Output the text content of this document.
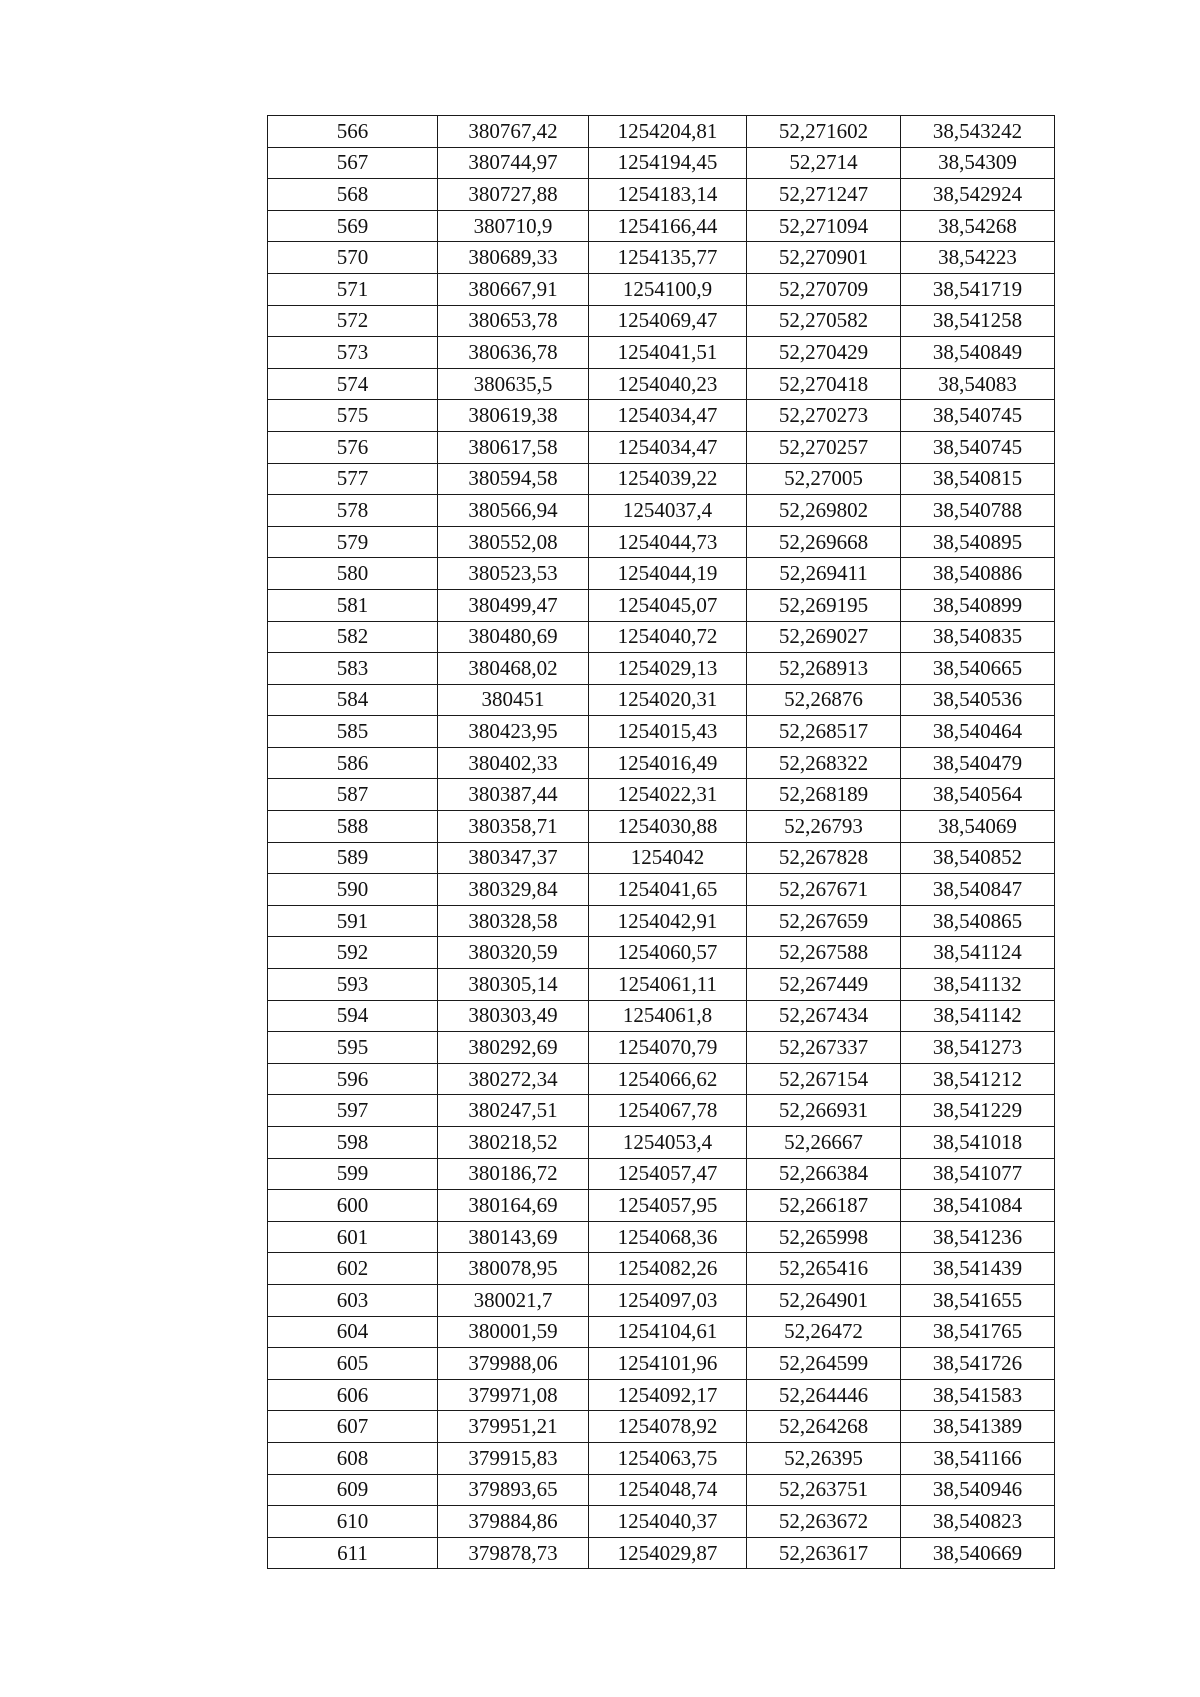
566	380767,42	1254204,81	52,271602	38,543242
567	380744,97	1254194,45	52,2714	38,54309
568	380727,88	1254183,14	52,271247	38,542924
569	380710,9	1254166,44	52,271094	38,54268
570	380689,33	1254135,77	52,270901	38,54223
571	380667,91	1254100,9	52,270709	38,541719
572	380653,78	1254069,47	52,270582	38,541258
573	380636,78	1254041,51	52,270429	38,540849
574	380635,5	1254040,23	52,270418	38,54083
575	380619,38	1254034,47	52,270273	38,540745
576	380617,58	1254034,47	52,270257	38,540745
577	380594,58	1254039,22	52,27005	38,540815
578	380566,94	1254037,4	52,269802	38,540788
579	380552,08	1254044,73	52,269668	38,540895
580	380523,53	1254044,19	52,269411	38,540886
581	380499,47	1254045,07	52,269195	38,540899
582	380480,69	1254040,72	52,269027	38,540835
583	380468,02	1254029,13	52,268913	38,540665
584	380451	1254020,31	52,26876	38,540536
585	380423,95	1254015,43	52,268517	38,540464
586	380402,33	1254016,49	52,268322	38,540479
587	380387,44	1254022,31	52,268189	38,540564
588	380358,71	1254030,88	52,26793	38,54069
589	380347,37	1254042	52,267828	38,540852
590	380329,84	1254041,65	52,267671	38,540847
591	380328,58	1254042,91	52,267659	38,540865
592	380320,59	1254060,57	52,267588	38,541124
593	380305,14	1254061,11	52,267449	38,541132
594	380303,49	1254061,8	52,267434	38,541142
595	380292,69	1254070,79	52,267337	38,541273
596	380272,34	1254066,62	52,267154	38,541212
597	380247,51	1254067,78	52,266931	38,541229
598	380218,52	1254053,4	52,26667	38,541018
599	380186,72	1254057,47	52,266384	38,541077
600	380164,69	1254057,95	52,266187	38,541084
601	380143,69	1254068,36	52,265998	38,541236
602	380078,95	1254082,26	52,265416	38,541439
603	380021,7	1254097,03	52,264901	38,541655
604	380001,59	1254104,61	52,26472	38,541765
605	379988,06	1254101,96	52,264599	38,541726
606	379971,08	1254092,17	52,264446	38,541583
607	379951,21	1254078,92	52,264268	38,541389
608	379915,83	1254063,75	52,26395	38,541166
609	379893,65	1254048,74	52,263751	38,540946
610	379884,86	1254040,37	52,263672	38,540823
611	379878,73	1254029,87	52,263617	38,540669
